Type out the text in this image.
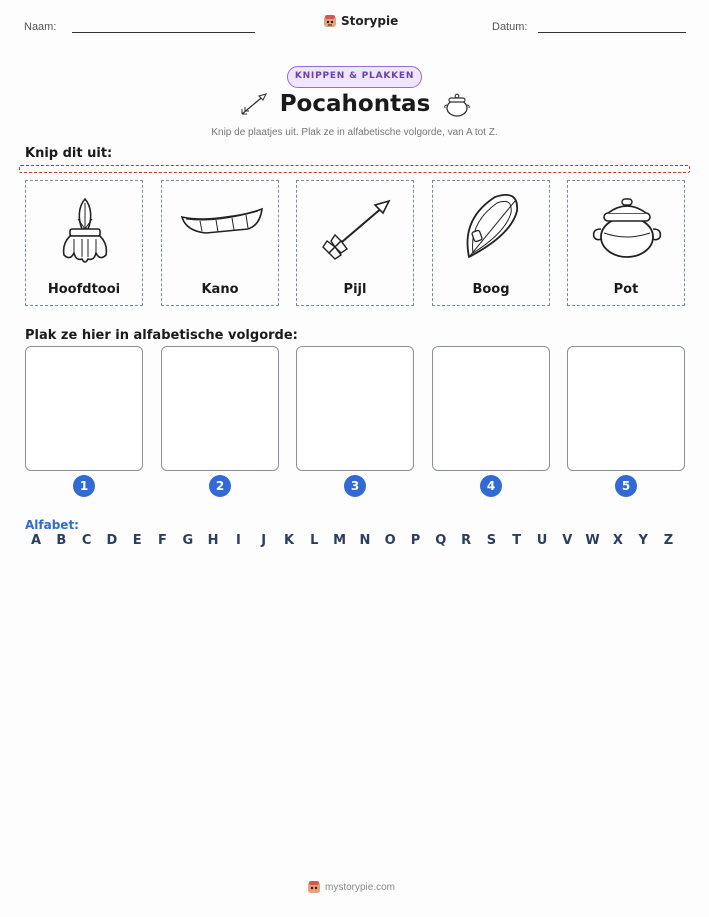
Naam:	Storypie	Datum:
KNIPPEN & PLAKKEN
Pocahontas
Knip de plaatjes uit. Plak ze in alfabetische volgorde, van A tot Z.
Knip dit uit:
Hoofdtooi	Kano	Pijl	Boog	Pot
Plak ze hier in alfabetische volgorde:
1	2	3	4	5
Alfabet:
A	B	C	D	E	F	G	H	I	J	K	L	M	N	O	P	Q	R	S	T	U	V	W	X	Y	Z
mystorypie.com
